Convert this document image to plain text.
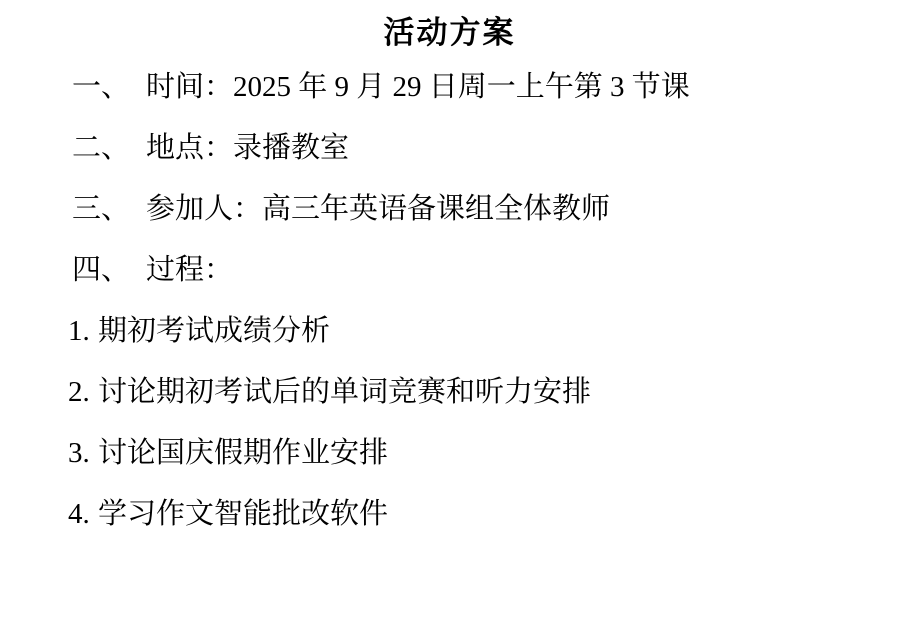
活动方案
一、 时间：2025 年 9 月 29 日周一上午第 3 节课
二、 地点：录播教室
三、 参加人：高三年英语备课组全体教师
四、 过程：
1. 期初考试成绩分析
2. 讨论期初考试后的单词竞赛和听力安排
3. 讨论国庆假期作业安排
4. 学习作文智能批改软件
